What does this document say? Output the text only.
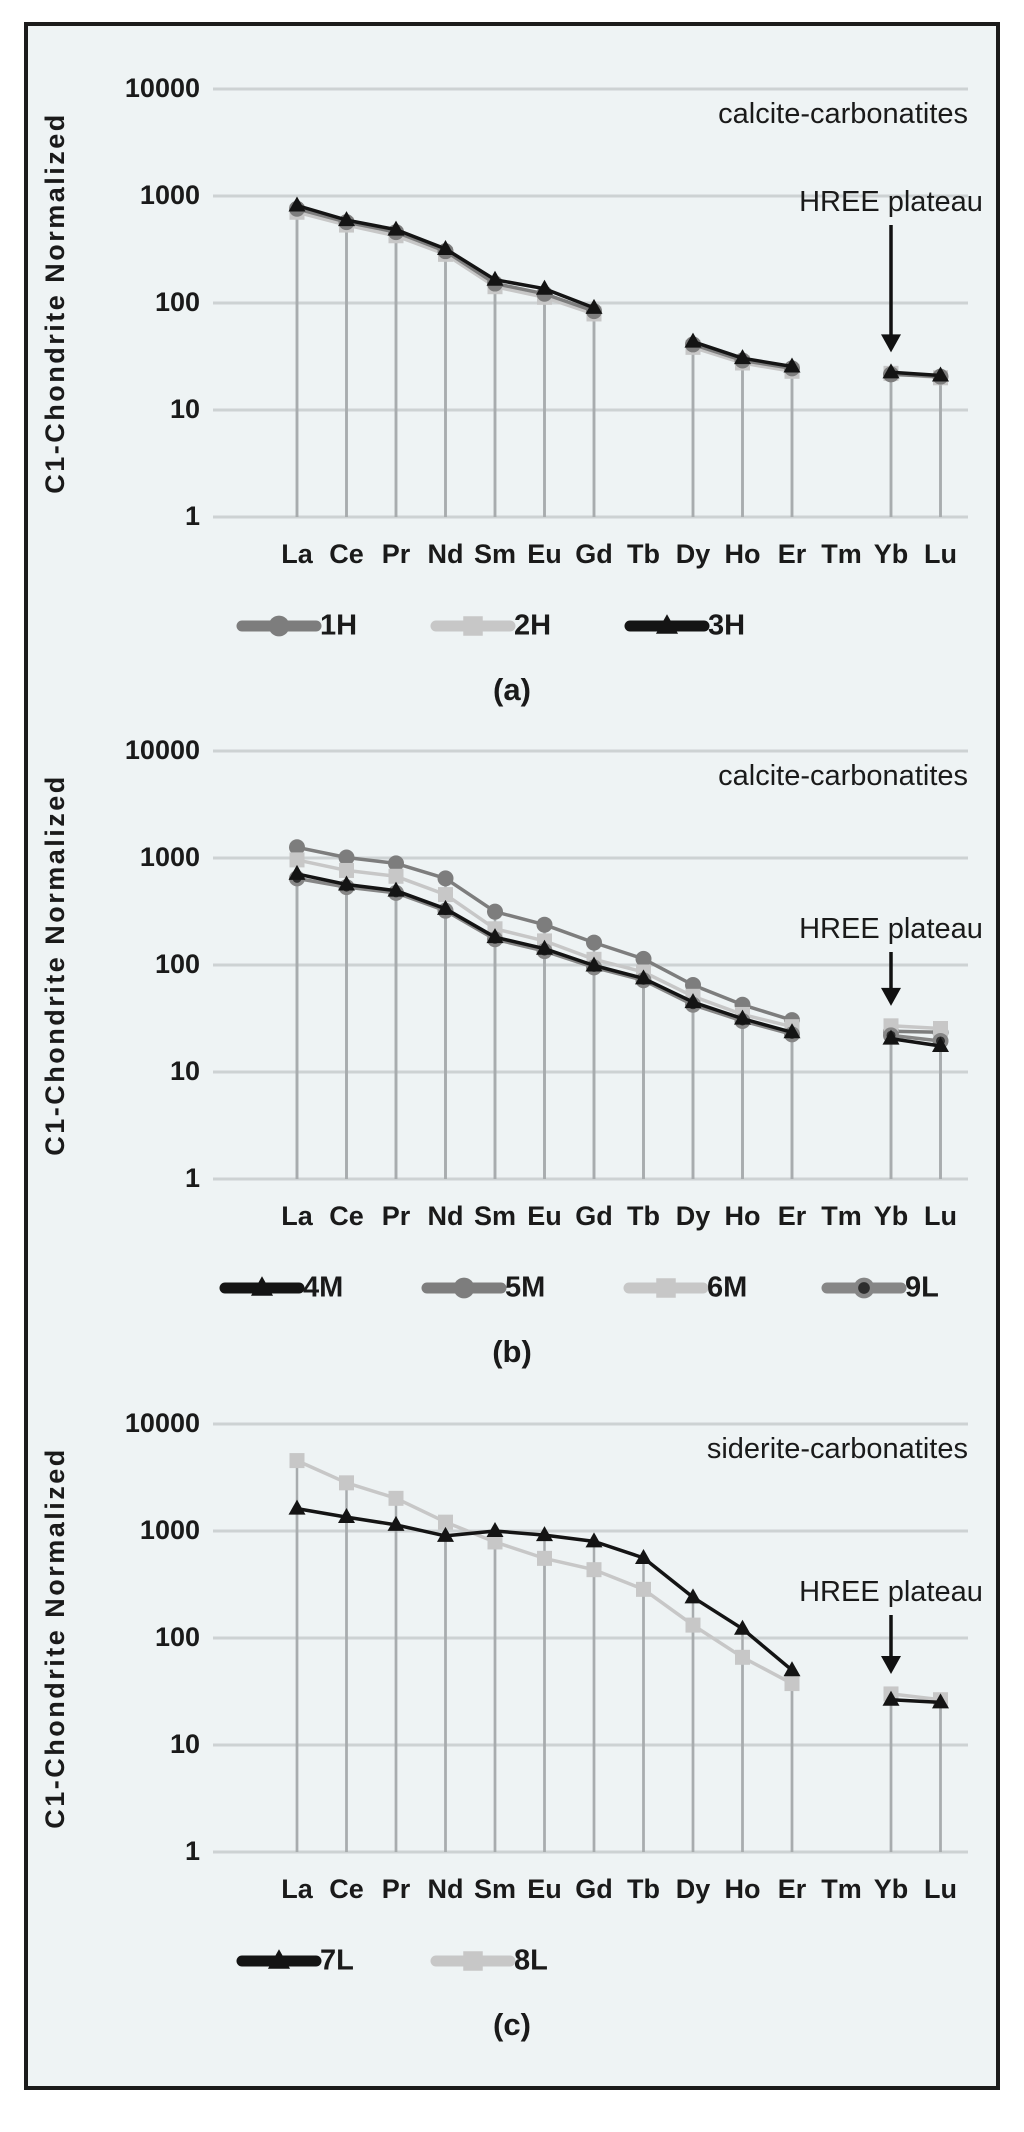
10000
1000
100
10
1
C1-Chondrite Normalized	calcite-carbonatites
La Ce Pr Nd Sm Eu Gd Tb Dy Ho Er Tm Yb Lu
HREE plateau
1H	2H	3H
(a)
10000
1000
100
10
1
C1-Chondrite Normalized	calcite-carbonatites
La Ce Pr Nd Sm Eu Gd Tb Dy Ho Er Tm Yb Lu
HREE plateau
4M	5M	6M	9L
(b)
10000
1000
100
10
1
C1-Chondrite Normalized	siderite-carbonatites
La Ce Pr Nd Sm Eu Gd Tb Dy Ho Er Tm Yb Lu
HREE plateau
7L	8L
(c)
